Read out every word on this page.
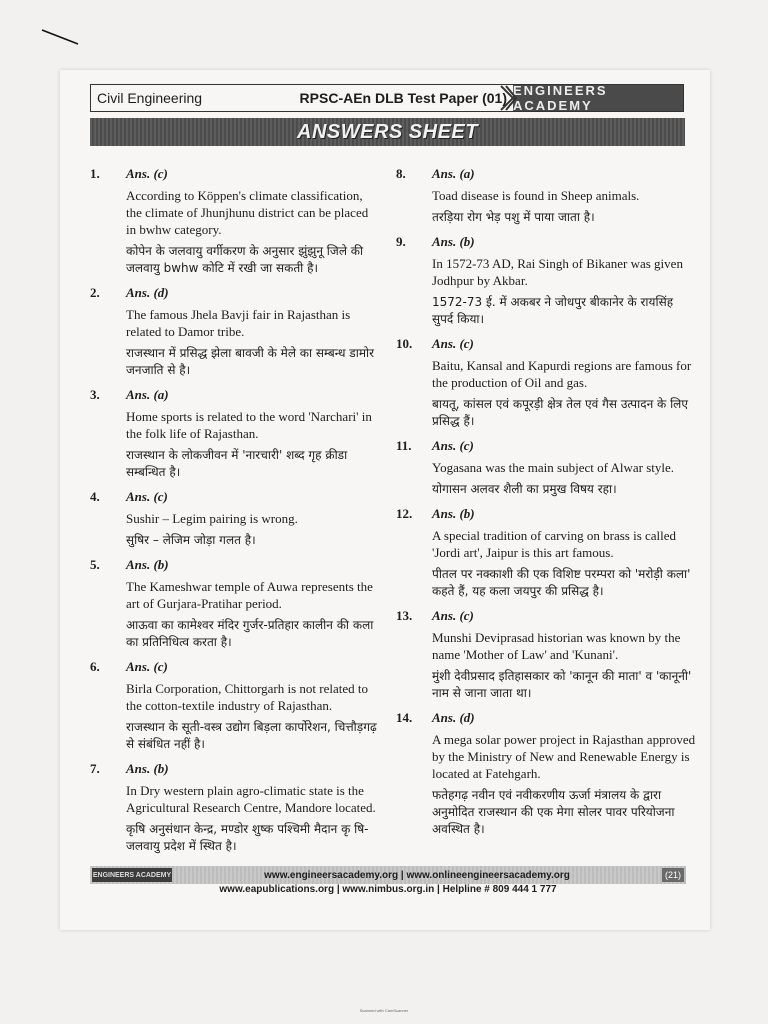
Civil Engineering	RPSC-AEn DLB Test Paper (01) ENGINEERS ACADEMY
ANSWERS SHEET
1. Ans. (c)
According to Köppen's climate classification, the climate of Jhunjhunu district can be placed in bwhw category.
कोपेन के जलवायु वर्गीकरण के अनुसार झुंझुनू जिले की जलवायु bwhw कोटि में रखी जा सकती है।
2. Ans. (d)
The famous Jhela Bavji fair in Rajasthan is related to Damor tribe.
राजस्थान में प्रसिद्ध झेला बावजी के मेले का सम्बन्ध डामोर जनजाति से है।
3. Ans. (a)
Home sports is related to the word 'Narchari' in the folk life of Rajasthan.
राजस्थान के लोकजीवन में 'नारचारी' शब्द गृह क्रीडा सम्बन्धित है।
4. Ans. (c)
Sushir – Legim pairing is wrong.
सुषिर – लेजिम जोड़ा गलत है।
5. Ans. (b)
The Kameshwar temple of Auwa represents the art of Gurjara-Pratihar period.
आऊवा का कामेश्वर मंदिर गुर्जर-प्रतिहार कालीन की कला का प्रतिनिधित्व करता है।
6. Ans. (c)
Birla Corporation, Chittorgarh is not related to the cotton-textile industry of Rajasthan.
राजस्थान के सूती-वस्त्र उद्योग बिड़ला कार्पोरेशन, चित्तौड़गढ़ से संबंधित नहीं है।
7. Ans. (b)
In Dry western plain agro-climatic state is the Agricultural Research Centre, Mandore located.
कृषि अनुसंधान केन्द्र, मण्डोर शुष्क पश्चिमी मैदान कृ षि-जलवायु प्रदेश में स्थित है।
8. Ans. (a)
Toad disease is found in Sheep animals.
तरड़िया रोग भेड़ पशु में पाया जाता है।
9. Ans. (b)
In 1572-73 AD, Rai Singh of Bikaner was given Jodhpur by Akbar.
1572-73 ई. में अकबर ने जोधपुर बीकानेर के रायसिंह सुपर्द किया।
10. Ans. (c)
Baitu, Kansal and Kapurdi regions are famous for the production of Oil and gas.
बायतू, कांसल एवं कपूरड़ी क्षेत्र तेल एवं गैस उत्पादन के लिए प्रसिद्ध हैं।
11. Ans. (c)
Yogasana was the main subject of Alwar style.
योगासन अलवर शैली का प्रमुख विषय रहा।
12. Ans. (b)
A special tradition of carving on brass is called 'Jordi art', Jaipur is this art famous.
पीतल पर नक्काशी की एक विशिष्ट परम्परा को 'मरोड़ी कला' कहते हैं, यह कला जयपुर की प्रसिद्ध है।
13. Ans. (c)
Munshi Deviprasad historian was known by the name 'Mother of Law' and 'Kunani'.
मुंशी देवीप्रसाद इतिहासकार को 'कानून की माता' व 'कानूनी' नाम से जाना जाता था।
14. Ans. (d)
A mega solar power project in Rajasthan approved by the Ministry of New and Renewable Energy is located at Fatehgarh.
फतेहगढ़ नवीन एवं नवीकरणीय ऊर्जा मंत्रालय के द्वारा अनुमोदित राजस्थान की एक मेगा सोलर पावर परियोजना अवस्थित है।
ENGINEERS ACADEMY	www.engineersacademy.org | www.onlineengineersacademy.org	(21)
www.eapublications.org | www.nimbus.org.in | Helpline # 809 444 1 777
Scanned with CamScanner
